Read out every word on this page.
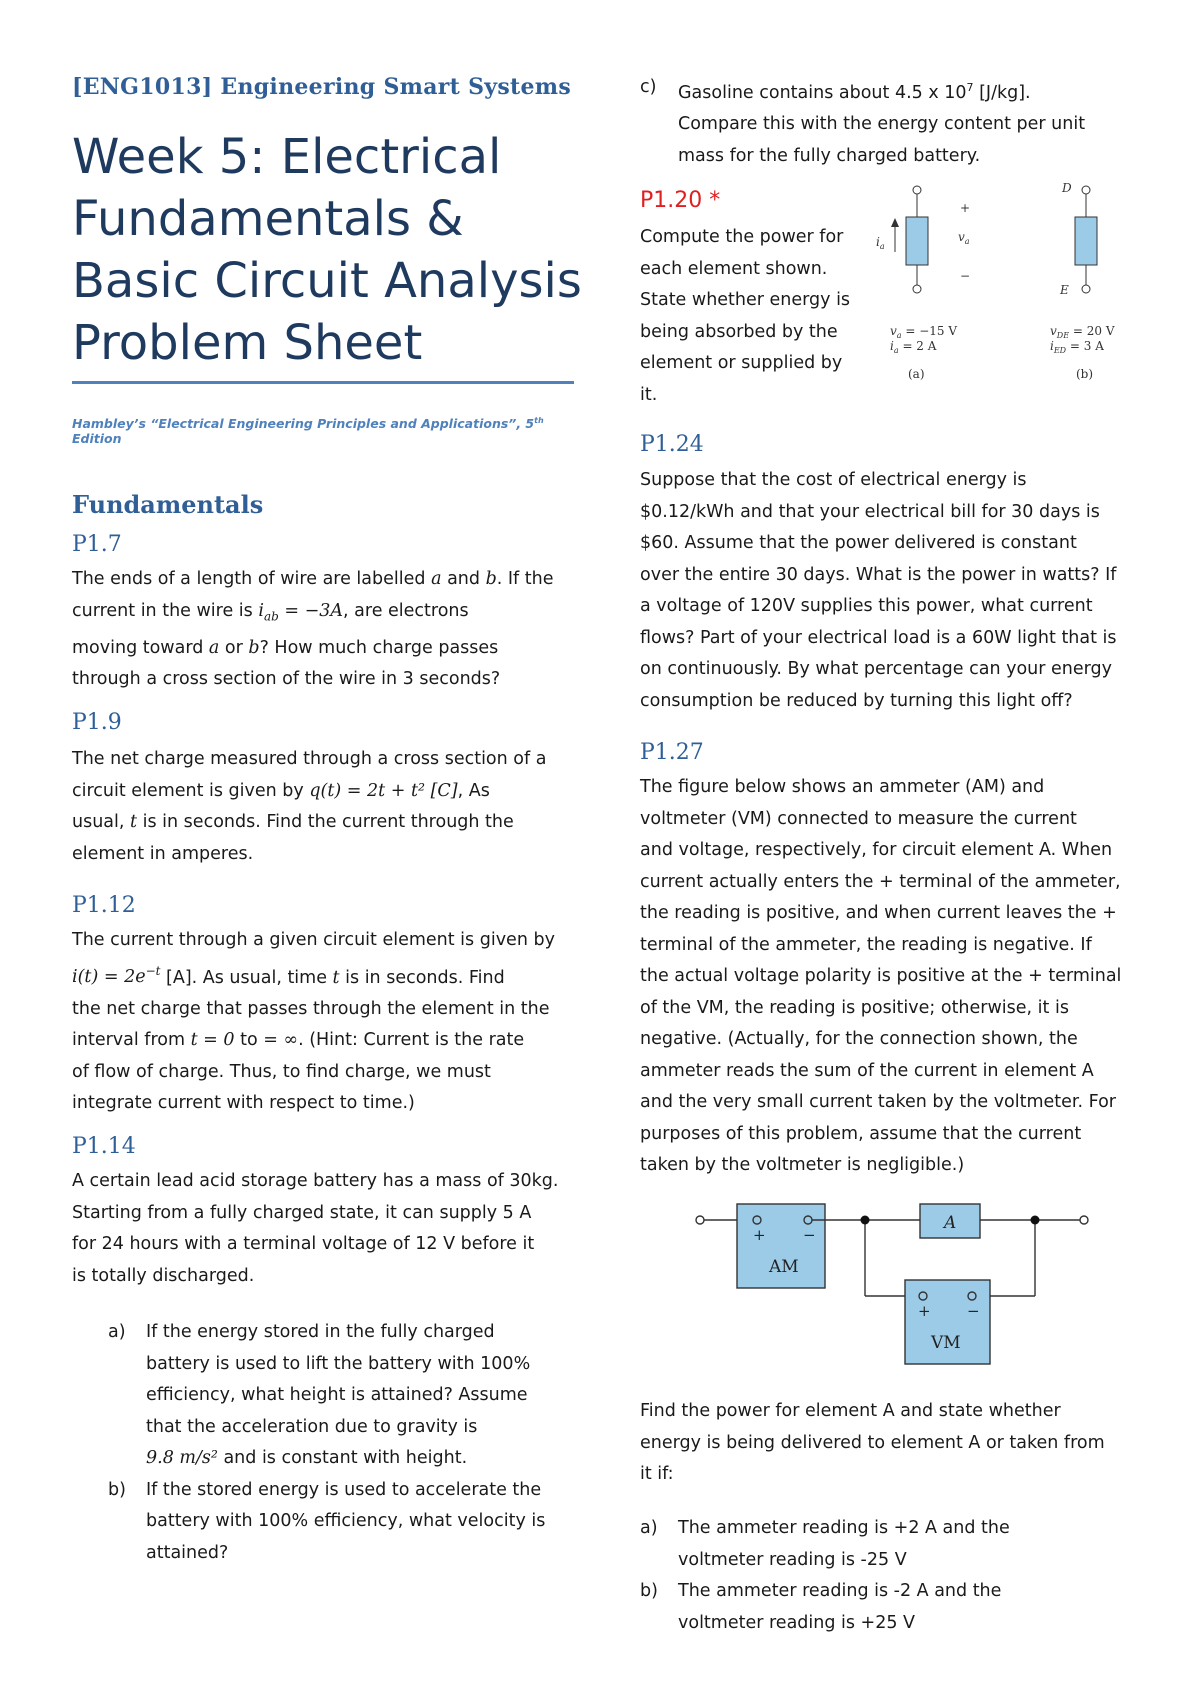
[ENG1013] Engineering Smart Systems
Week 5: Electrical
Fundamentals &
Basic Circuit Analysis
Problem Sheet
Hambley’s “Electrical Engineering Principles and Applications”, 5th Edition
Fundamentals
P1.7
The ends of a length of wire are labelled a and b. If the
current in the wire is $i_{ab} = -3A$, are electrons
moving toward a or b? How much charge passes
through a cross section of the wire in 3 seconds?
P1.9
The net charge measured through a cross section of a
circuit element is given by q(t) = 2t + t² [C], As
usual, t is in seconds. Find the current through the
element in amperes.
P1.12
The current through a given circuit element is given by
$i(t) = 2e^{-t}$ [A]. As usual, time t is in seconds. Find
the net charge that passes through the element in the
interval from t = 0 to = ∞. (Hint: Current is the rate
of flow of charge. Thus, to find charge, we must
integrate current with respect to time.)
P1.14
A certain lead acid storage battery has a mass of 30kg.
Starting from a fully charged state, it can supply 5 A
for 24 hours with a terminal voltage of 12 V before it
is totally discharged.
a) If the energy stored in the fully charged
battery is used to lift the battery with 100%
efficiency, what height is attained? Assume
that the acceleration due to gravity is
9.8 m/s² and is constant with height.
b) If the stored energy is used to accelerate the
battery with 100% efficiency, what velocity is
attained?
c) Gasoline contains about 4.5 x $10^7$ [J/kg].
Compare this with the energy content per unit
mass for the fully charged battery.
P1.20 *
Compute the power for
each element shown.
State whether energy is
being absorbed by the
element or supplied by
it.
$i_a$
+
$v_a$
−
$v_a = -15$ V
$i_a = 2$ A
(a)
D
E
$v_{DE} = 20$ V
$i_{ED} = 3$ A
(b)
P1.24
Suppose that the cost of electrical energy is
$0.12/kWh and that your electrical bill for 30 days is
$60. Assume that the power delivered is constant
over the entire 30 days. What is the power in watts? If
a voltage of 120V supplies this power, what current
flows? Part of your electrical load is a 60W light that is
on continuously. By what percentage can your energy
consumption be reduced by turning this light off?
P1.27
The figure below shows an ammeter (AM) and
voltmeter (VM) connected to measure the current
and voltage, respectively, for circuit element A. When
current actually enters the + terminal of the ammeter,
the reading is positive, and when current leaves the +
terminal of the ammeter, the reading is negative. If
the actual voltage polarity is positive at the + terminal
of the VM, the reading is positive; otherwise, it is
negative. (Actually, for the connection shown, the
ammeter reads the sum of the current in element A
and the very small current taken by the voltmeter. For
purposes of this problem, assume that the current
taken by the voltmeter is negligible.)
+ −
AM
A
+ −
VM
Find the power for element A and state whether
energy is being delivered to element A or taken from
it if:
a) The ammeter reading is +2 A and the
voltmeter reading is -25 V
b) The ammeter reading is -2 A and the
voltmeter reading is +25 V
